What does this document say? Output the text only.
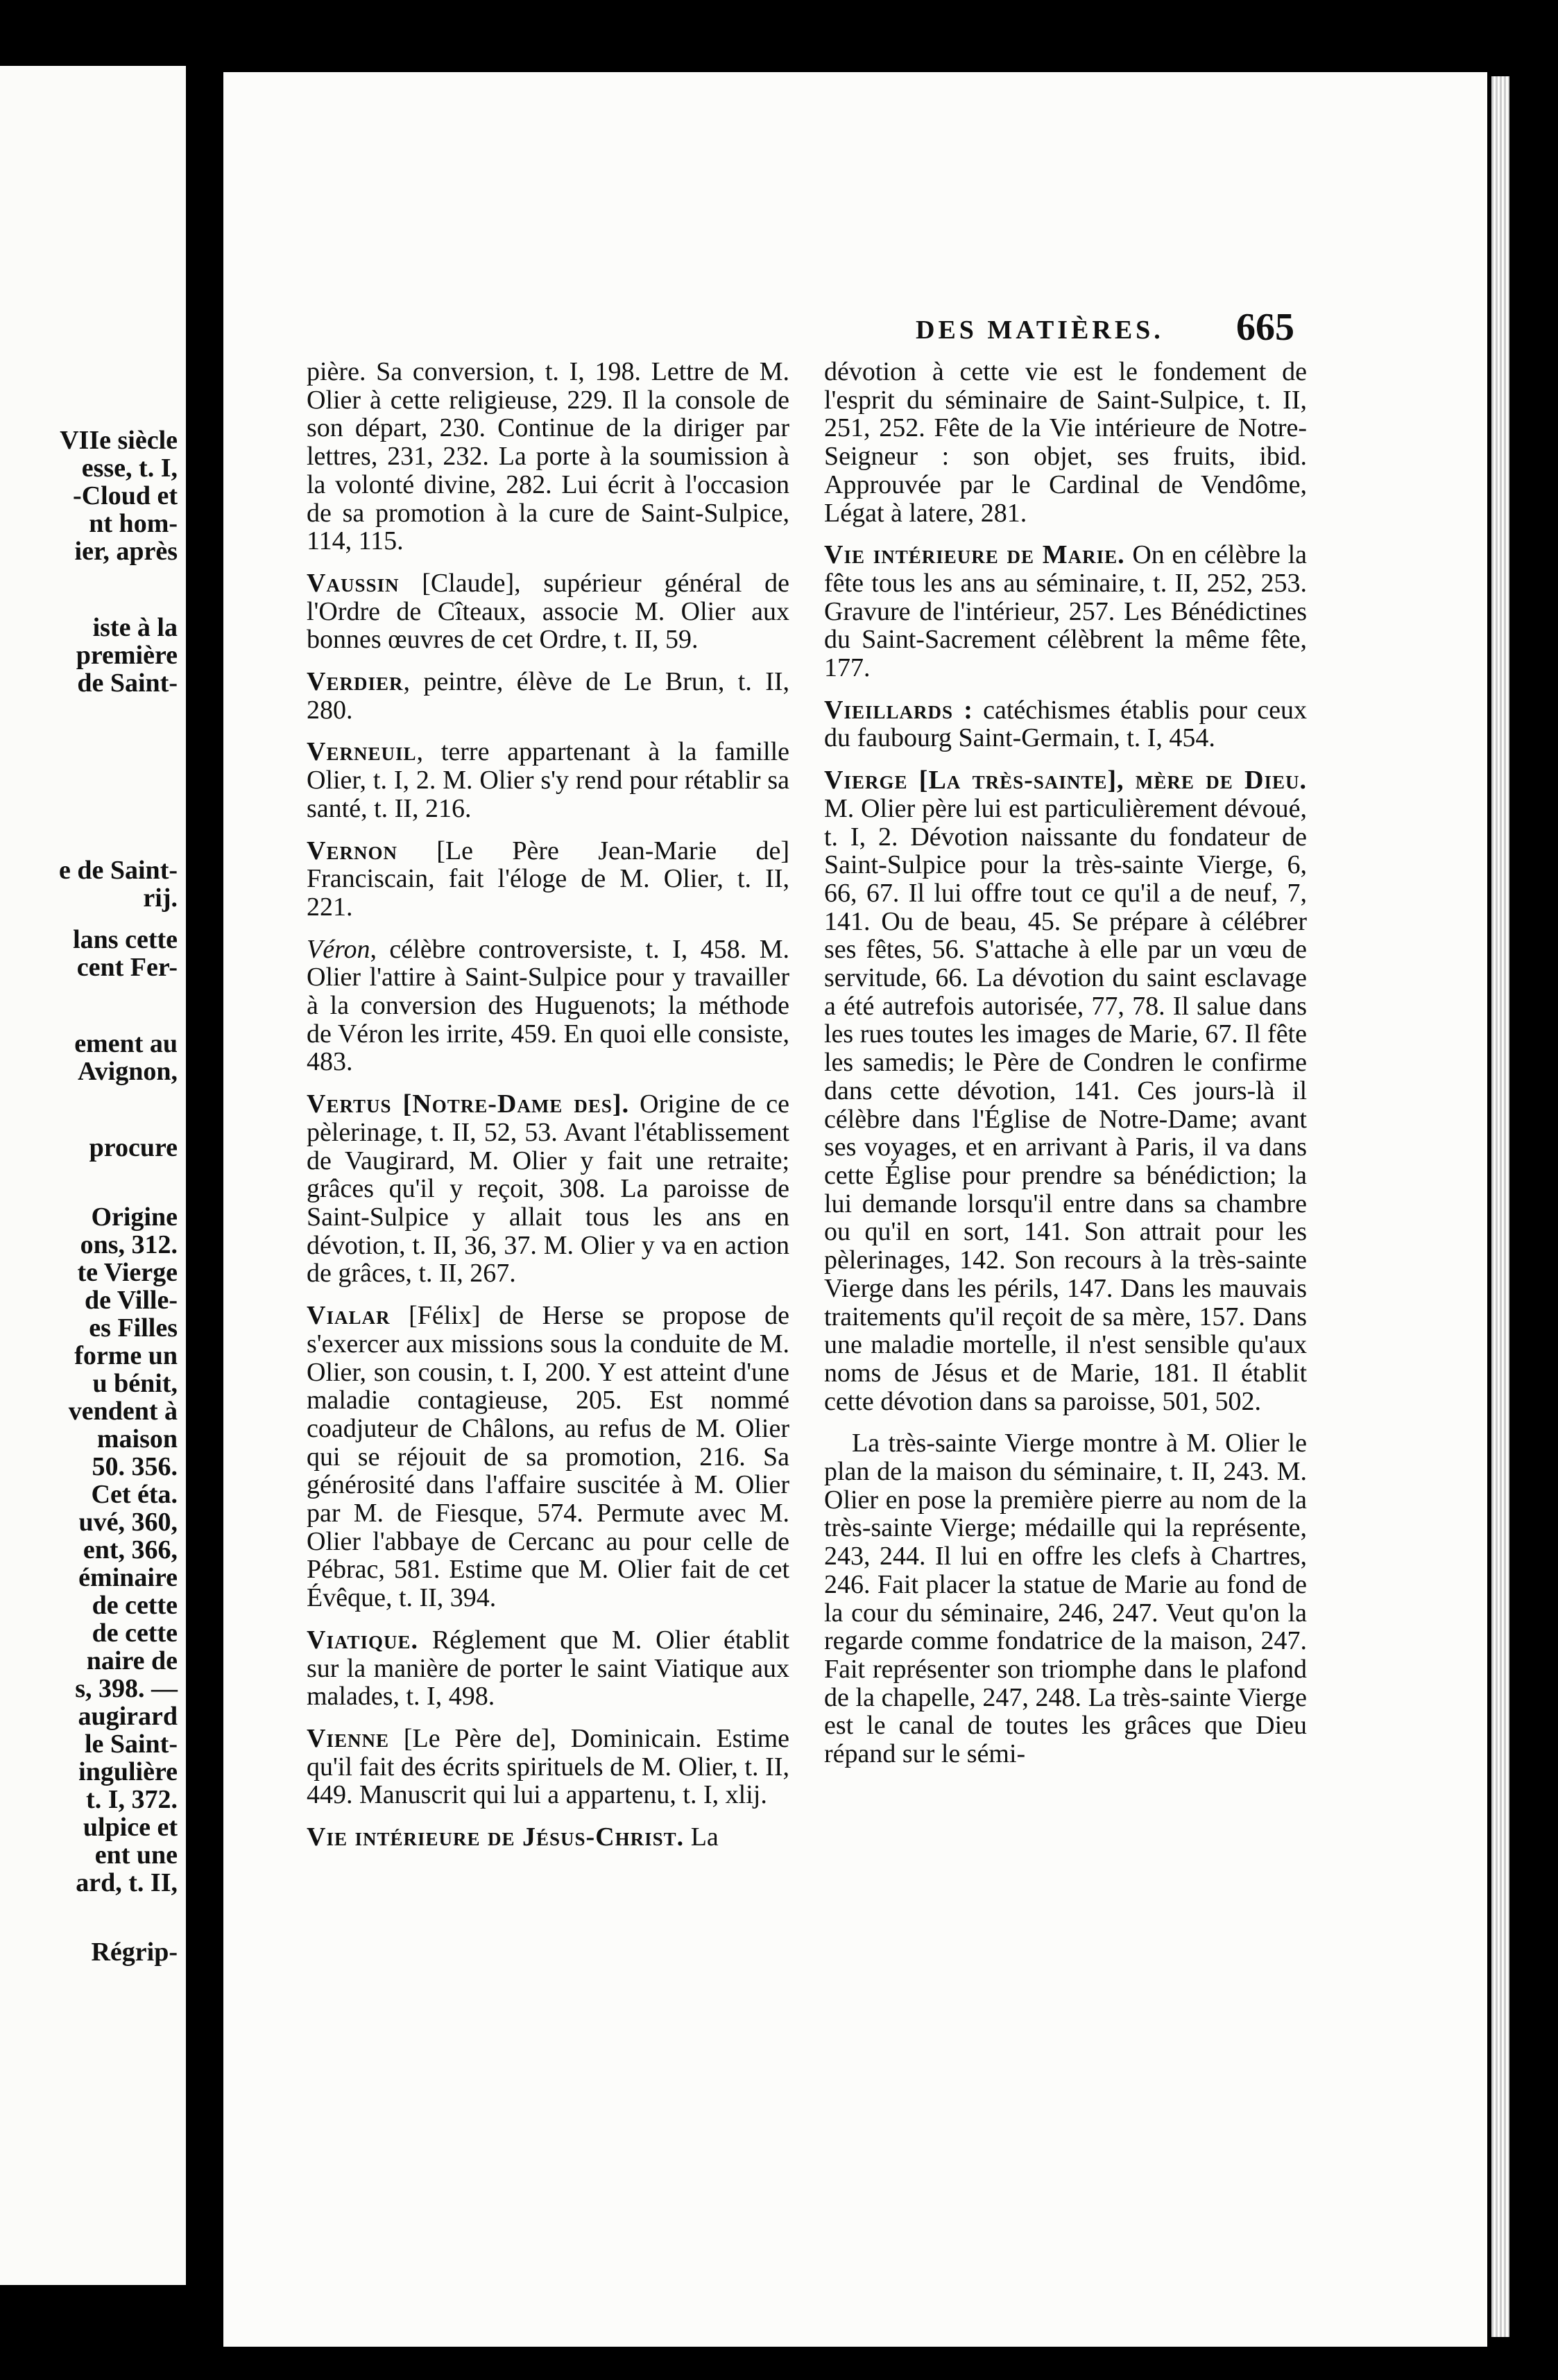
VIIe siècle

esse, t. I,

-Cloud et

nt hom-

ier, après

iste à la

première

de Saint-

e de Saint-

rij.

lans cette

cent Fer-

ement au

Avignon,

procure

Origine

ons, 312.

te Vierge

de Ville-

es Filles

forme un

u bénit,

vendent à

maison

50. 356.

Cet éta.

uvé, 360,

ent, 366,

éminaire

de cette

de cette

naire de

s, 398. —

augirard

le Saint-

ingulière

t. I, 372.

ulpice et

ent une

ard, t. II,

Régrip-

DES MATIÈRES. 665

pière. Sa conversion, t. I, 198. Lettre de M. Olier à cette religieuse, 229. Il la console de son départ, 230. Continue de la diriger par lettres, 231, 232. La porte à la soumission à la volonté divine, 282. Lui écrit à l'occasion de sa promotion à la cure de Saint-Sulpice, 114, 115.

Vaussin [Claude], supérieur général de l'Ordre de Cîteaux, associe M. Olier aux bonnes œuvres de cet Ordre, t. II, 59.

Verdier, peintre, élève de Le Brun, t. II, 280.

Verneuil, terre appartenant à la famille Olier, t. I, 2. M. Olier s'y rend pour rétablir sa santé, t. II, 216.

Vernon [Le Père Jean-Marie de] Franciscain, fait l'éloge de M. Olier, t. II, 221.

Véron, célèbre controversiste, t. I, 458. M. Olier l'attire à Saint-Sulpice pour y travailler à la conversion des Huguenots; la méthode de Véron les irrite, 459. En quoi elle consiste, 483.

Vertus [Notre-Dame des]. Origine de ce pèlerinage, t. II, 52, 53. Avant l'établissement de Vaugirard, M. Olier y fait une retraite; grâces qu'il y reçoit, 308. La paroisse de Saint-Sulpice y allait tous les ans en dévotion, t. II, 36, 37. M. Olier y va en action de grâces, t. II, 267.

Vialar [Félix] de Herse se propose de s'exercer aux missions sous la conduite de M. Olier, son cousin, t. I, 200. Y est atteint d'une maladie contagieuse, 205. Est nommé coadjuteur de Châlons, au refus de M. Olier qui se réjouit de sa promotion, 216. Sa générosité dans l'affaire suscitée à M. Olier par M. de Fiesque, 574. Permute avec M. Olier l'abbaye de Cercanc au pour celle de Pébrac, 581. Estime que M. Olier fait de cet Évêque, t. II, 394.

Viatique. Réglement que M. Olier établit sur la manière de porter le saint Viatique aux malades, t. I, 498.

Vienne [Le Père de], Dominicain. Estime qu'il fait des écrits spirituels de M. Olier, t. II, 449. Manuscrit qui lui a appartenu, t. I, xlij.

Vie intérieure de Jésus-Christ. La

dévotion à cette vie est le fondement de l'esprit du séminaire de Saint-Sulpice, t. II, 251, 252. Fête de la Vie intérieure de Notre-Seigneur : son objet, ses fruits, ibid. Approuvée par le Cardinal de Vendôme, Légat à latere, 281.

Vie intérieure de Marie. On en célèbre la fête tous les ans au séminaire, t. II, 252, 253. Gravure de l'intérieur, 257. Les Bénédictines du Saint-Sacrement célèbrent la même fête, 177.

Vieillards : catéchismes établis pour ceux du faubourg Saint-Germain, t. I, 454.

Vierge [La très-sainte], mère de Dieu. M. Olier père lui est particulièrement dévoué, t. I, 2. Dévotion naissante du fondateur de Saint-Sulpice pour la très-sainte Vierge, 6, 66, 67. Il lui offre tout ce qu'il a de neuf, 7, 141. Ou de beau, 45. Se prépare à célébrer ses fêtes, 56. S'attache à elle par un vœu de servitude, 66. La dévotion du saint esclavage a été autrefois autorisée, 77, 78. Il salue dans les rues toutes les images de Marie, 67. Il fête les samedis; le Père de Condren le confirme dans cette dévotion, 141. Ces jours-là il célèbre dans l'Église de Notre-Dame; avant ses voyages, et en arrivant à Paris, il va dans cette Église pour prendre sa bénédiction; la lui demande lorsqu'il entre dans sa chambre ou qu'il en sort, 141. Son attrait pour les pèlerinages, 142. Son recours à la très-sainte Vierge dans les périls, 147. Dans les mauvais traitements qu'il reçoit de sa mère, 157. Dans une maladie mortelle, il n'est sensible qu'aux noms de Jésus et de Marie, 181. Il établit cette dévotion dans sa paroisse, 501, 502.

La très-sainte Vierge montre à M. Olier le plan de la maison du séminaire, t. II, 243. M. Olier en pose la première pierre au nom de la très-sainte Vierge; médaille qui la représente, 243, 244. Il lui en offre les clefs à Chartres, 246. Fait placer la statue de Marie au fond de la cour du séminaire, 246, 247. Veut qu'on la regarde comme fondatrice de la maison, 247. Fait représenter son triomphe dans le plafond de la chapelle, 247, 248. La très-sainte Vierge est le canal de toutes les grâces que Dieu répand sur le sémi-
